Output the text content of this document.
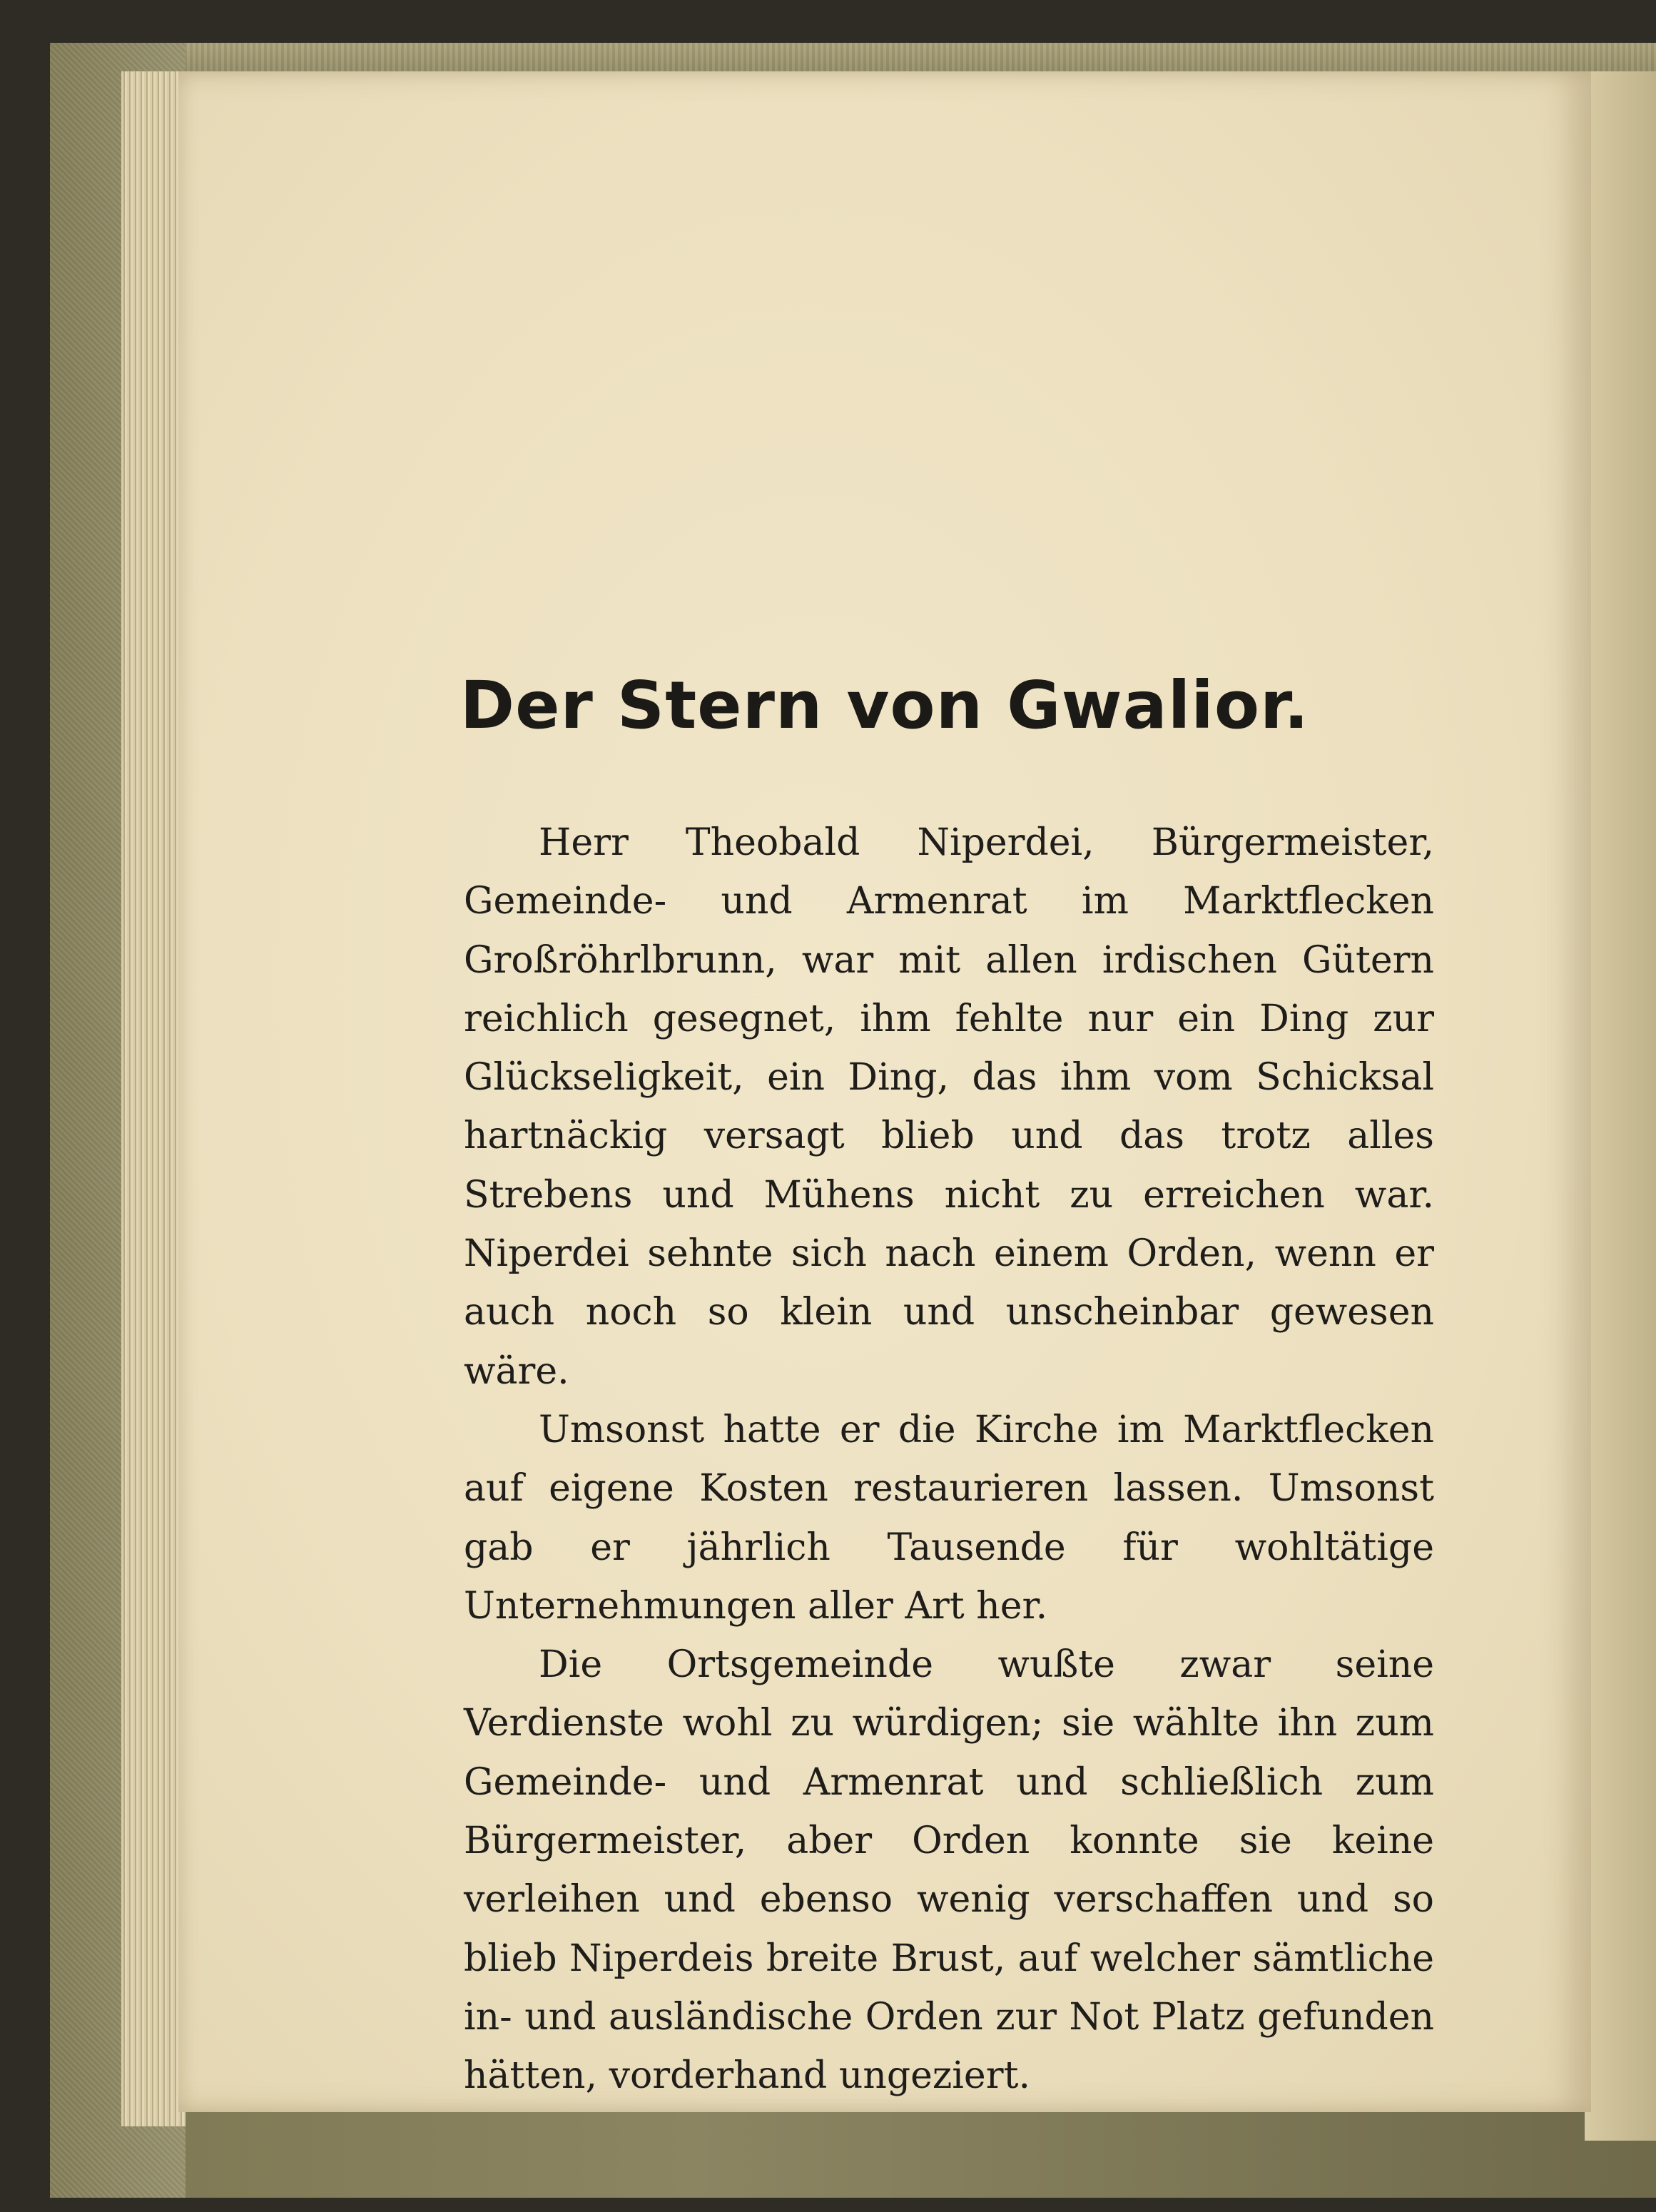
Der Stern von Gwalior.

Herr Theobald Niperdei, Bürgermeister, Gemeinde- und Armenrat im Marktflecken Großröhrlbrunn, war mit allen irdischen Gütern reichlich gesegnet, ihm fehlte nur ein Ding zur Glückseligkeit, ein Ding, das ihm vom Schicksal hartnäckig versagt blieb und das trotz alles Strebens und Mühens nicht zu erreichen war. Niperdei sehnte sich nach einem Orden, wenn er auch noch so klein und unscheinbar gewesen wäre.

Umsonst hatte er die Kirche im Marktflecken auf eigene Kosten restaurieren lassen. Umsonst gab er jährlich Tausende für wohltätige Unternehmungen aller Art her.

Die Ortsgemeinde wußte zwar seine Verdienste wohl zu würdigen; sie wählte ihn zum Gemeinde- und Armenrat und schließlich zum Bürgermeister, aber Orden konnte sie keine verleihen und ebenso wenig verschaffen und so blieb Niperdeis breite Brust, auf welcher sämtliche in- und ausländische Orden zur Not Platz gefunden hätten, vorderhand ungeziert.
